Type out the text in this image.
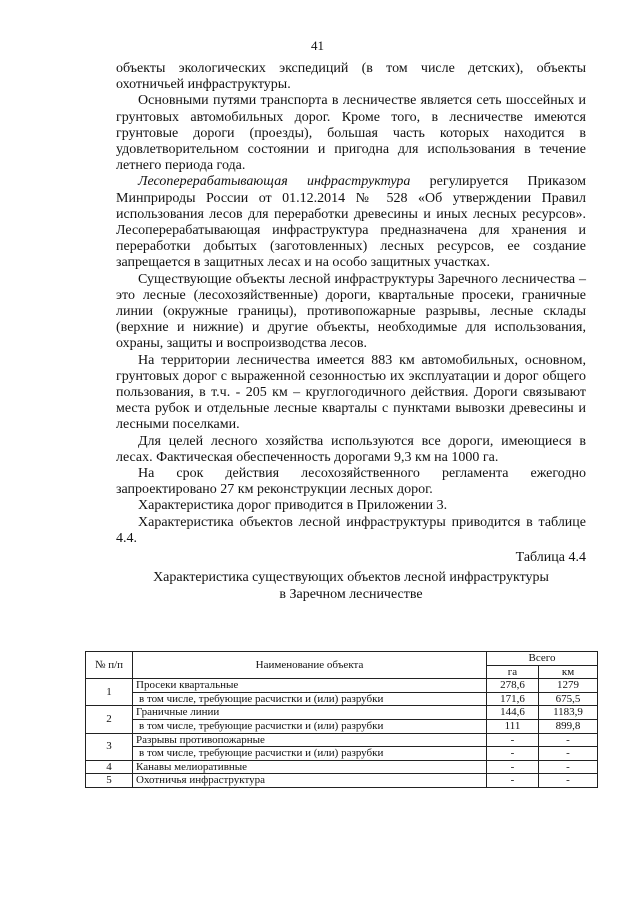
41

объекты экологических экспедиций (в том числе детских), объекты охотничьей инфраструктуры.

Основными путями транспорта в лесничестве является сеть шоссейных и грунтовых автомобильных дорог. Кроме того, в лесничестве имеются грунтовые дороги (проезды), большая часть которых находится в удовлетворительном состоянии и пригодна для использования в течение летнего периода года.

Лесоперерабатывающая инфраструктура регулируется Приказом Минприроды России от 01.12.2014 № 528 «Об утверждении Правил использования лесов для переработки древесины и иных лесных ресурсов». Лесоперерабатывающая инфраструктура предназначена для хранения и переработки добытых (заготовленных) лесных ресурсов, ее создание запрещается в защитных лесах и на особо защитных участках.

Существующие объекты лесной инфраструктуры Заречного лесничества – это лесные (лесохозяйственные) дороги, квартальные просеки, граничные линии (окружные границы), противопожарные разрывы, лесные склады (верхние и нижние) и другие объекты, необходимые для использования, охраны, защиты и воспроизводства лесов.

На территории лесничества имеется 883 км автомобильных, основном, грунтовых дорог с выраженной сезонностью их эксплуатации и дорог общего пользования, в т.ч. - 205 км – круглогодичного действия. Дороги связывают места рубок и отдельные лесные кварталы с пунктами вывозки древесины и лесными поселками.

Для целей лесного хозяйства используются все дороги, имеющиеся в лесах. Фактическая обеспеченность дорогами 9,3 км на 1000 га.

На срок действия лесохозяйственного регламента ежегодно запроектировано 27 км реконструкции лесных дорог.

Характеристика дорог приводится в Приложении 3.

Характеристика объектов лесной инфраструктуры приводится в таблице 4.4.

Таблица 4.4

Характеристика существующих объектов лесной инфраструктуры
в Заречном лесничестве

№ п/п	Наименование объекта	Всего	
		га	км
1	Просеки квартальные	278,6	1279
	в том числе, требующие расчистки и (или) разрубки	171,6	675,5
2	Граничные линии	144,6	1183,9
	в том числе, требующие расчистки и (или) разрубки	111	899,8
3	Разрывы противопожарные	-	-
	в том числе, требующие расчистки и (или) разрубки	-	-
4	Канавы мелиоративные	-	-
5	Охотничья инфраструктура	-	-
